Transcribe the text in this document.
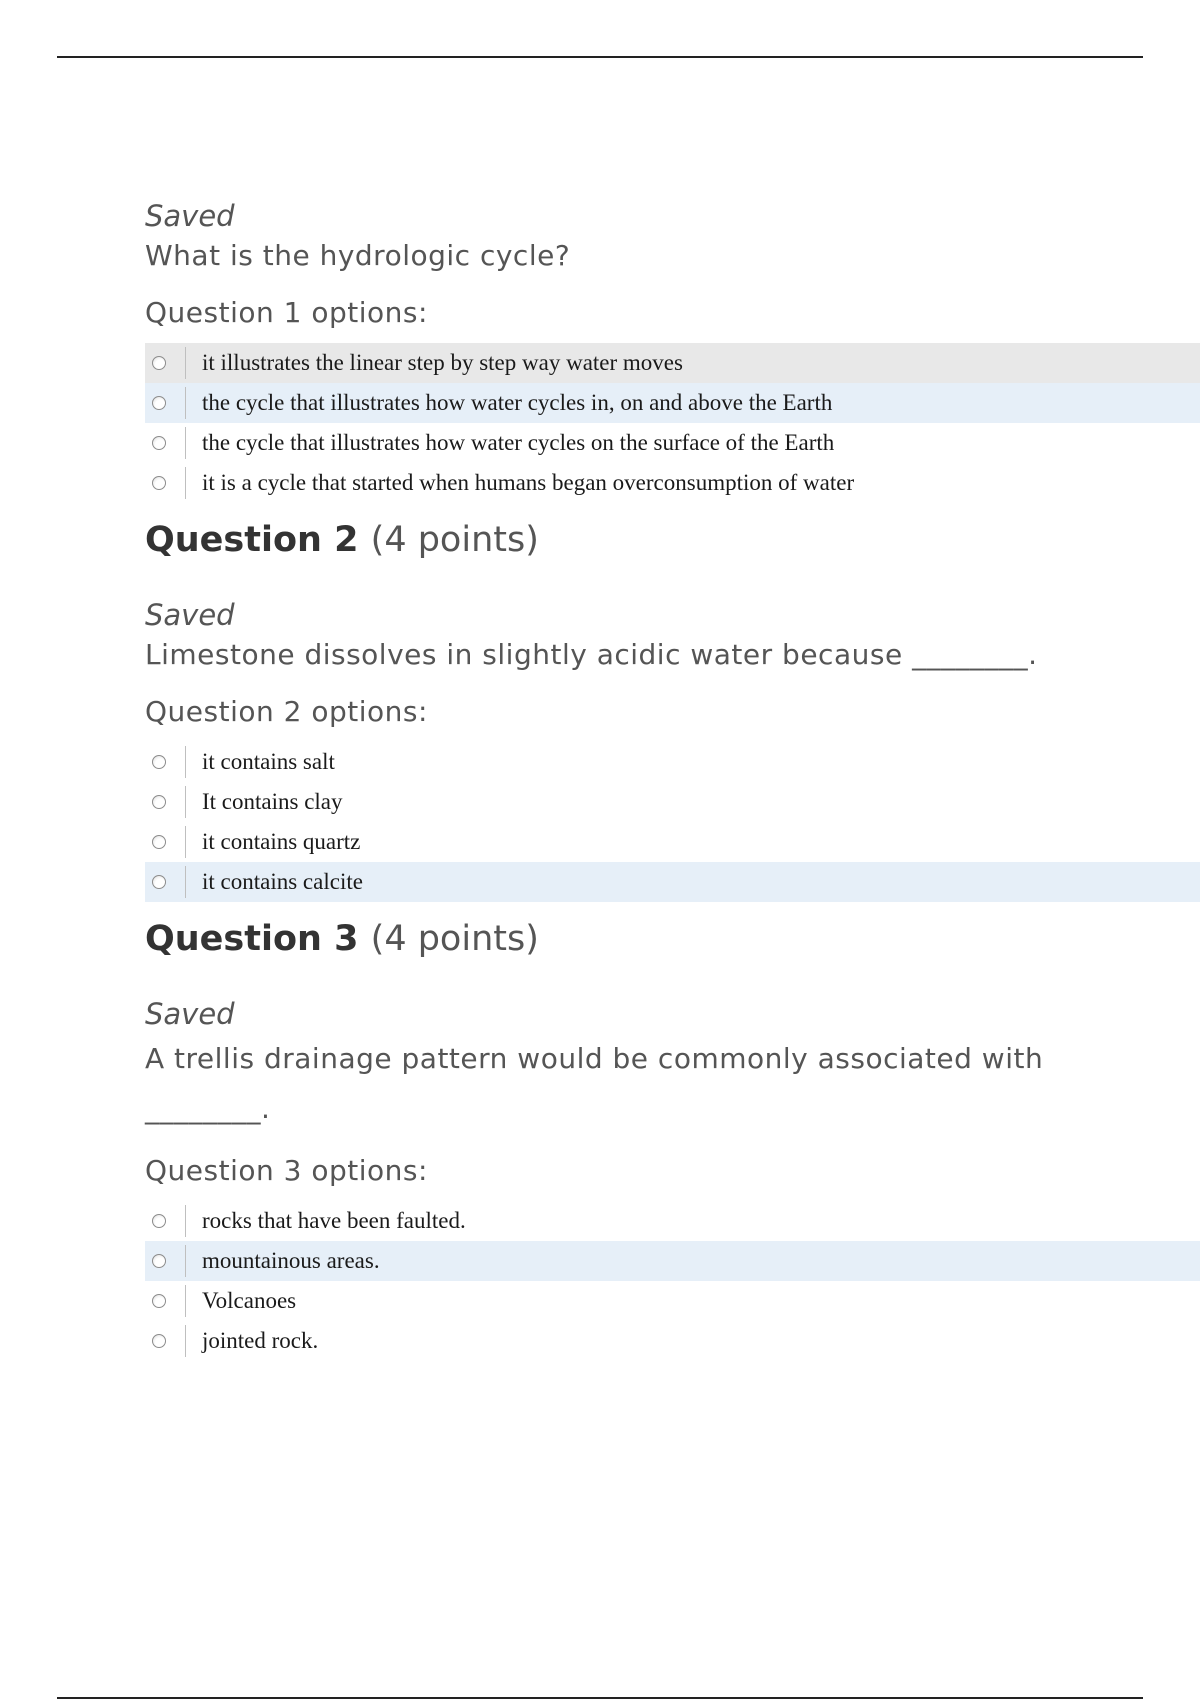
Saved

What is the hydrologic cycle?

Question 1 options:

it illustrates the linear step by step way water moves
the cycle that illustrates how water cycles in, on and above the Earth
the cycle that illustrates how water cycles on the surface of the Earth
it is a cycle that started when humans began overconsumption of water
Question 2 (4 points)

Saved

Limestone dissolves in slightly acidic water because ________.

Question 2 options:

it contains salt
It contains clay
it contains quartz
it contains calcite
Question 3 (4 points)

Saved

A trellis drainage pattern would be commonly associated with ________.

Question 3 options:

rocks that have been faulted.
mountainous areas.
Volcanoes
jointed rock.
